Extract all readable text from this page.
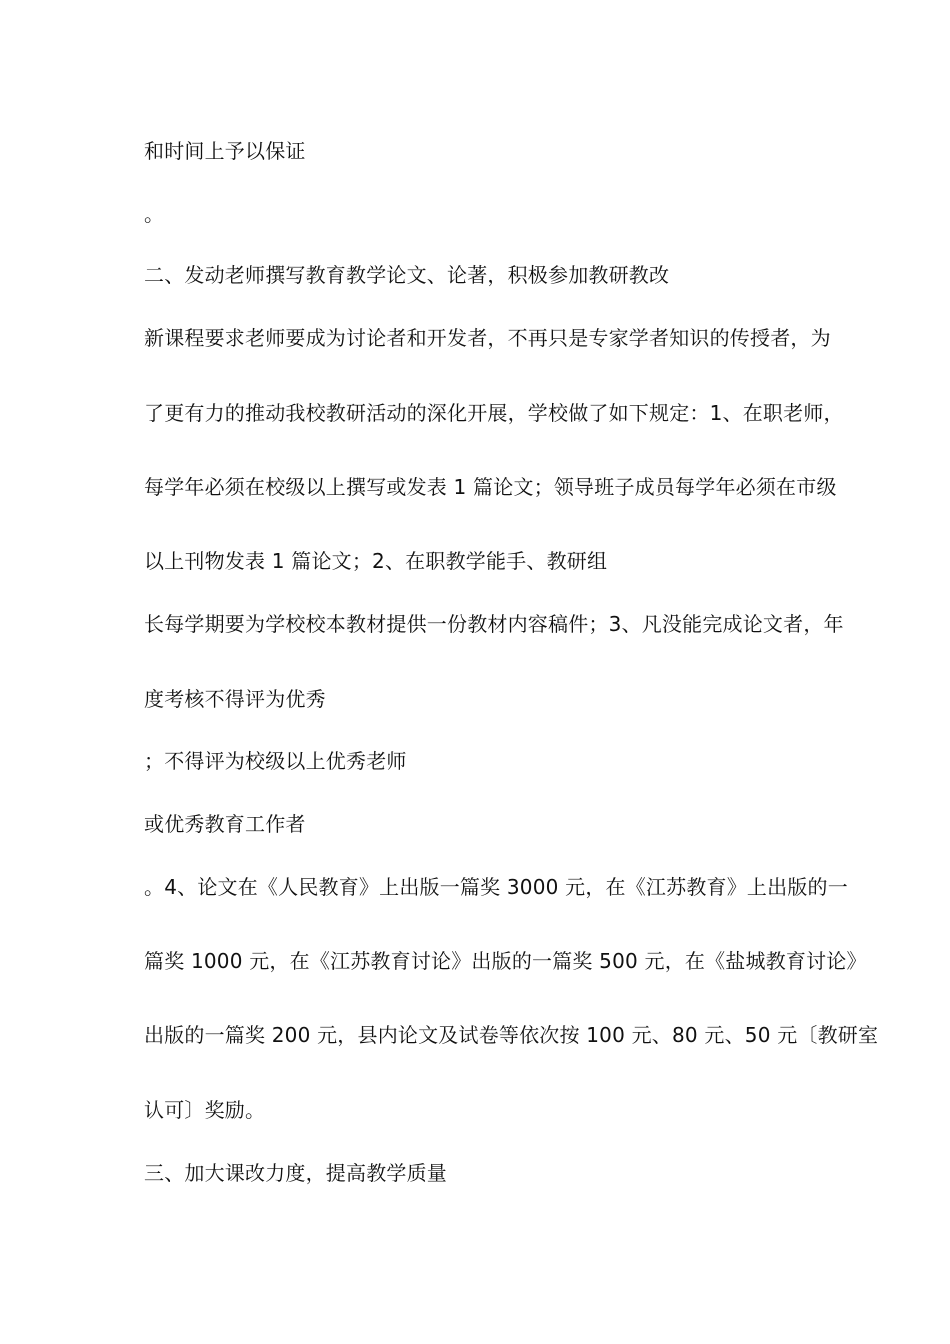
和时间上予以保证
。
二、发动老师撰写教育教学论文、论著，积极参加教研教改
新课程要求老师要成为讨论者和开发者，不再只是专家学者知识的传授者，为
了更有力的推动我校教研活动的深化开展，学校做了如下规定：1、在职老师，
每学年必须在校级以上撰写或发表 1 篇论文；领导班子成员每学年必须在市级
以上刊物发表 1 篇论文；2、在职教学能手、教研组
长每学期要为学校校本教材提供一份教材内容稿件；3、凡没能完成论文者，年
度考核不得评为优秀
；不得评为校级以上优秀老师
或优秀教育工作者
。4、论文在《人民教育》上出版一篇奖 3000 元，在《江苏教育》上出版的一
篇奖 1000 元，在《江苏教育讨论》出版的一篇奖 500 元，在《盐城教育讨论》
出版的一篇奖 200 元，县内论文及试卷等依次按 100 元、80 元、50 元〔教研室
认可〕奖励。
三、加大课改力度，提高教学质量
